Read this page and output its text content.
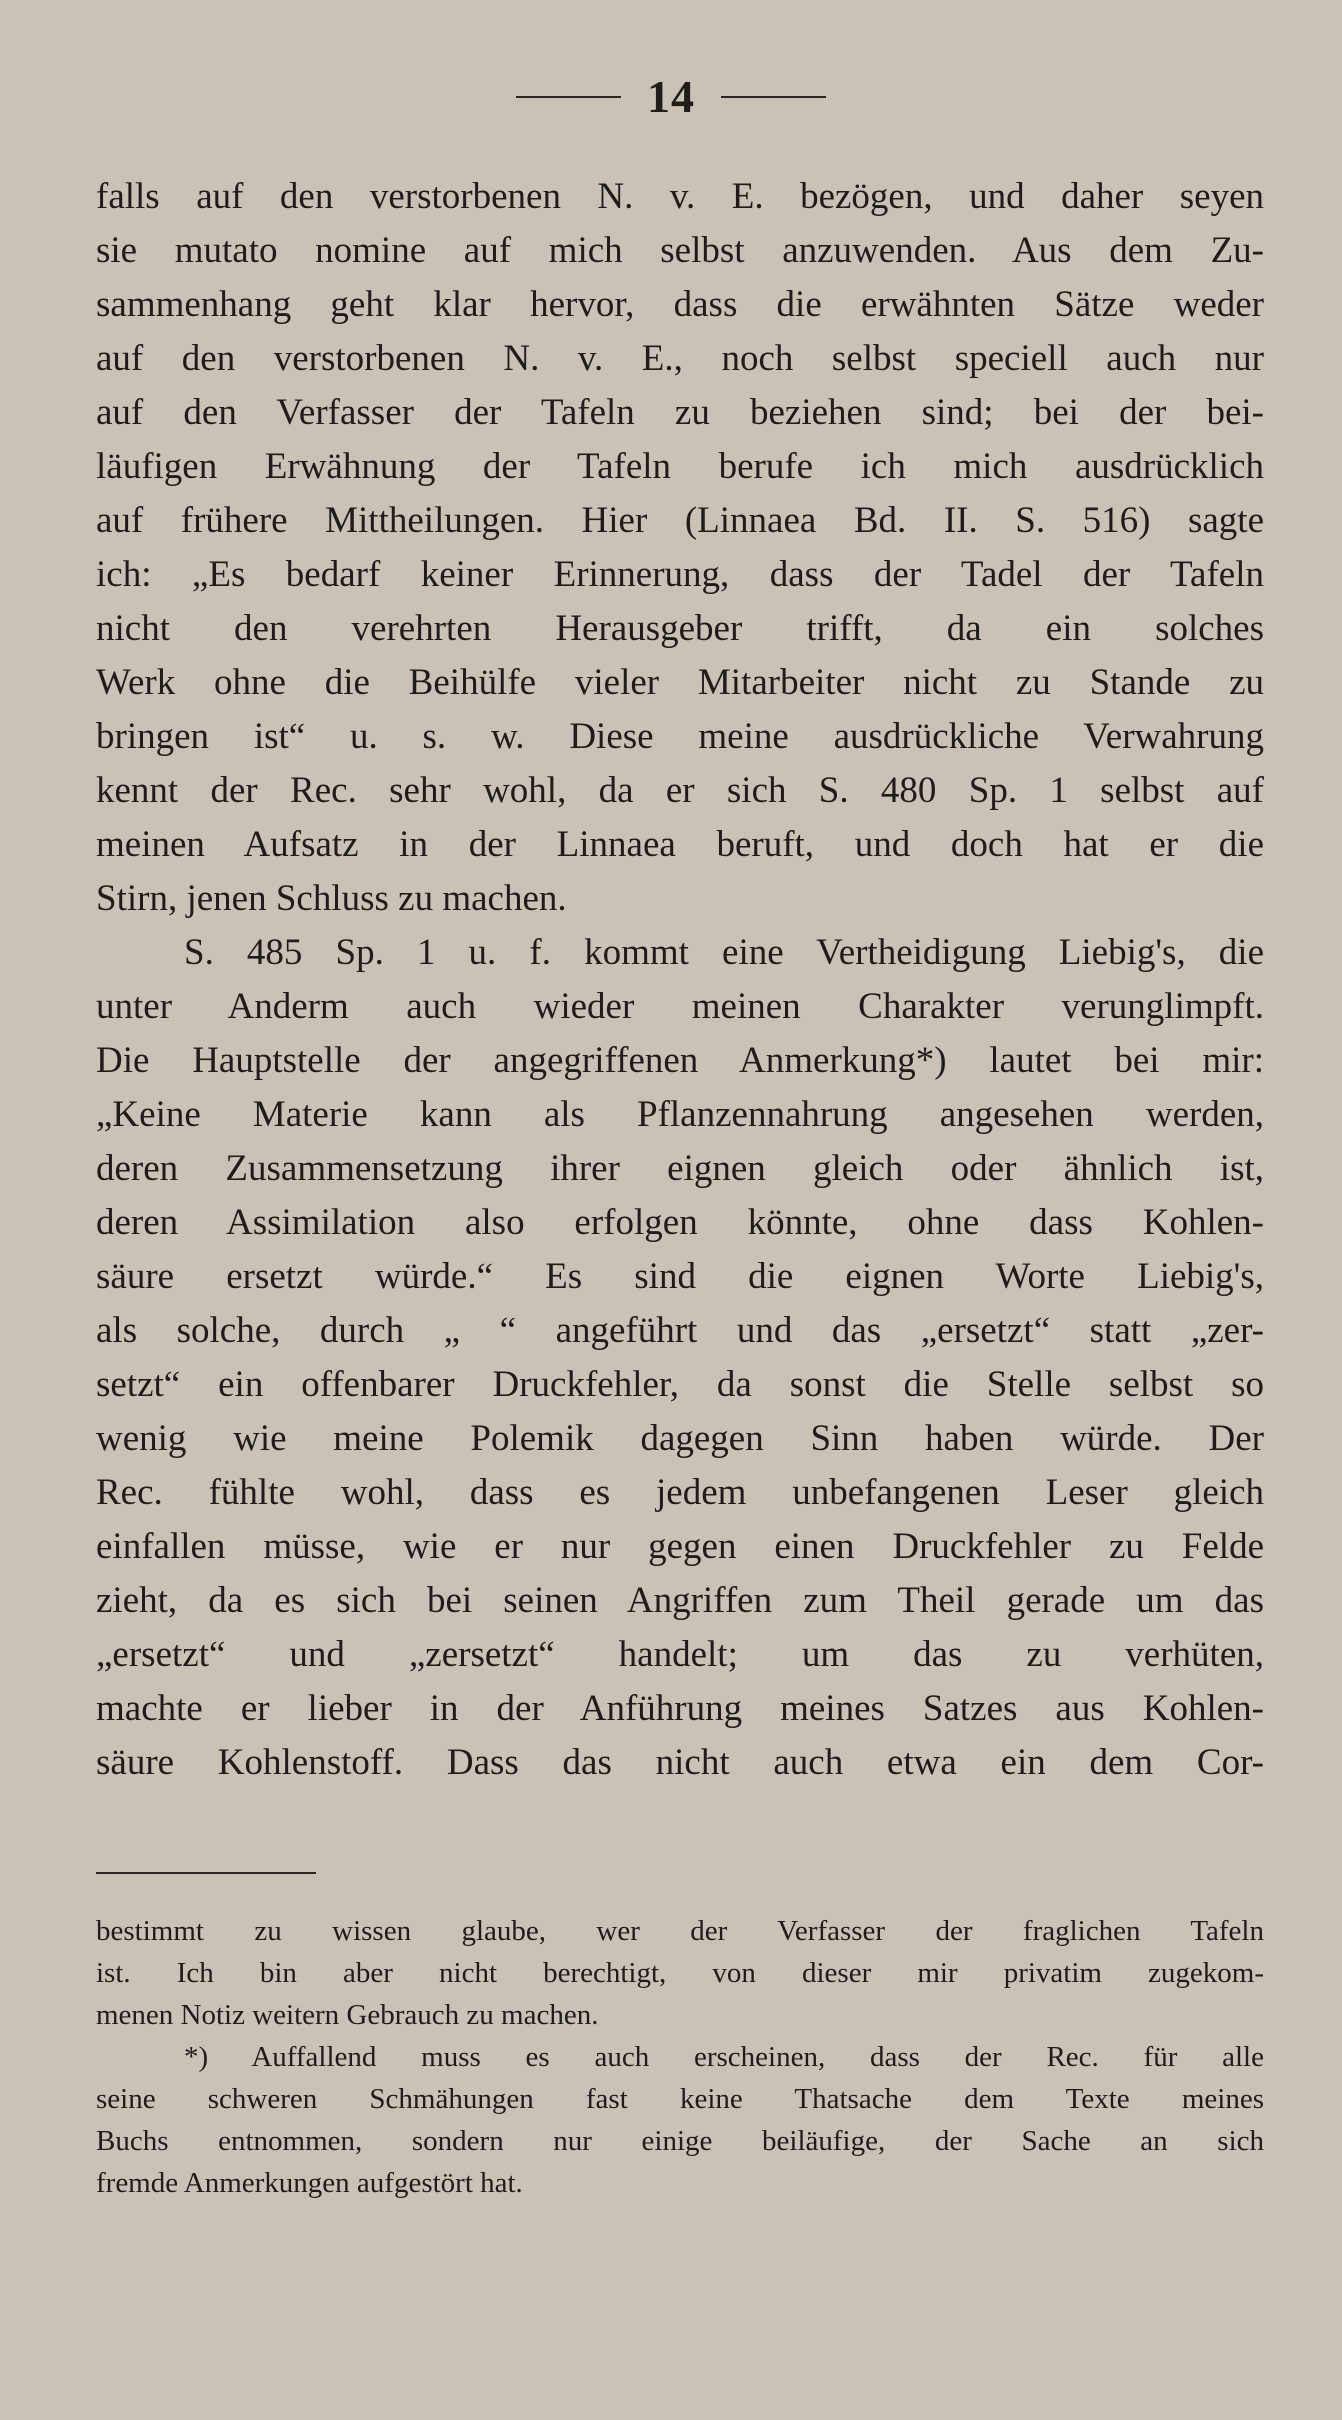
14
falls auf den verstorbenen N. v. E. bezögen, und daher seyen
sie mutato nomine auf mich selbst anzuwenden. Aus dem Zu-
sammenhang geht klar hervor, dass die erwähnten Sätze weder
auf den verstorbenen N. v. E., noch selbst speciell auch nur
auf den Verfasser der Tafeln zu beziehen sind; bei der bei-
läufigen Erwähnung der Tafeln berufe ich mich ausdrücklich
auf frühere Mittheilungen. Hier (Linnaea Bd. II. S. 516) sagte
ich: „Es bedarf keiner Erinnerung, dass der Tadel der Tafeln
nicht den verehrten Herausgeber trifft, da ein solches
Werk ohne die Beihülfe vieler Mitarbeiter nicht zu Stande zu
bringen ist“ u. s. w. Diese meine ausdrückliche Verwahrung
kennt der Rec. sehr wohl, da er sich S. 480 Sp. 1 selbst auf
meinen Aufsatz in der Linnaea beruft, und doch hat er die
Stirn, jenen Schluss zu machen.
S. 485 Sp. 1 u. f. kommt eine Vertheidigung Liebig's, die
unter Anderm auch wieder meinen Charakter verunglimpft.
Die Hauptstelle der angegriffenen Anmerkung*) lautet bei mir:
„Keine Materie kann als Pflanzennahrung angesehen werden,
deren Zusammensetzung ihrer eignen gleich oder ähnlich ist,
deren Assimilation also erfolgen könnte, ohne dass Kohlen-
säure ersetzt würde.“ Es sind die eignen Worte Liebig's,
als solche, durch „ “ angeführt und das „ersetzt“ statt „zer-
setzt“ ein offenbarer Druckfehler, da sonst die Stelle selbst so
wenig wie meine Polemik dagegen Sinn haben würde. Der
Rec. fühlte wohl, dass es jedem unbefangenen Leser gleich
einfallen müsse, wie er nur gegen einen Druckfehler zu Felde
zieht, da es sich bei seinen Angriffen zum Theil gerade um das
„ersetzt“ und „zersetzt“ handelt; um das zu verhüten,
machte er lieber in der Anführung meines Satzes aus Kohlen-
säure Kohlenstoff. Dass das nicht auch etwa ein dem Cor-
bestimmt zu wissen glaube, wer der Verfasser der fraglichen Tafeln
ist. Ich bin aber nicht berechtigt, von dieser mir privatim zugekom-
menen Notiz weitern Gebrauch zu machen.
*) Auffallend muss es auch erscheinen, dass der Rec. für alle
seine schweren Schmähungen fast keine Thatsache dem Texte meines
Buchs entnommen, sondern nur einige beiläufige, der Sache an sich
fremde Anmerkungen aufgestört hat.
